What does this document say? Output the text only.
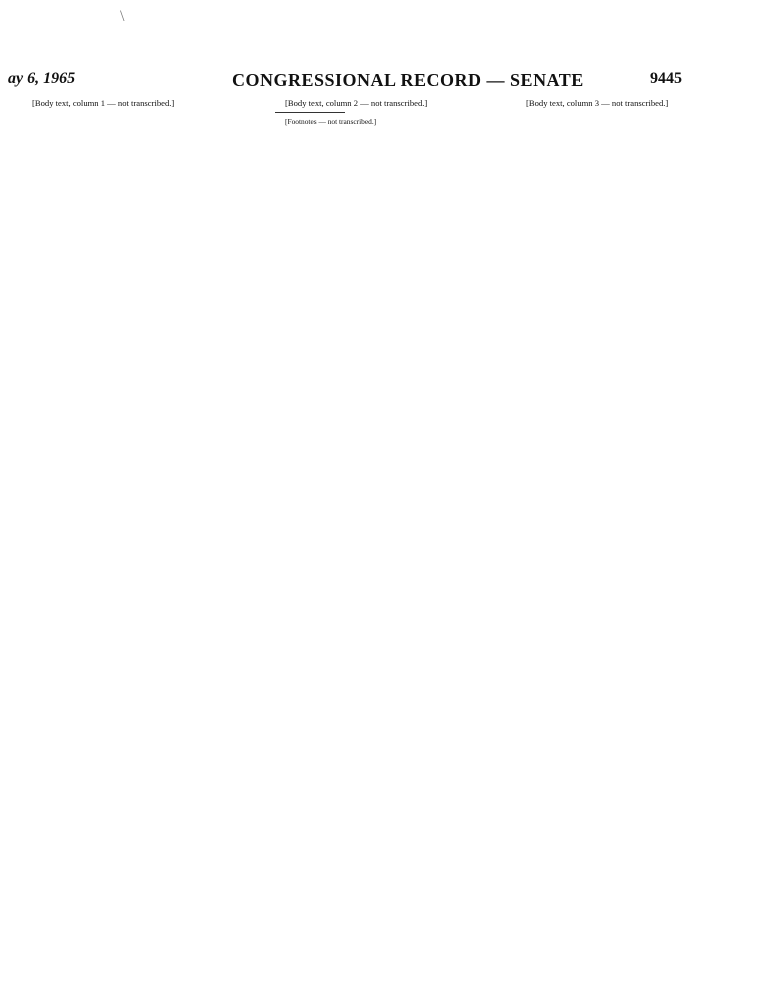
\
ay 6, 1965	CONGRESSIONAL RECORD — SENATE	9445

[Body text, column 1 — not transcribed.]	[Body text, column 2 — not transcribed.]

[Footnotes — not transcribed.]

[Body text, column 3 — not transcribed.]
